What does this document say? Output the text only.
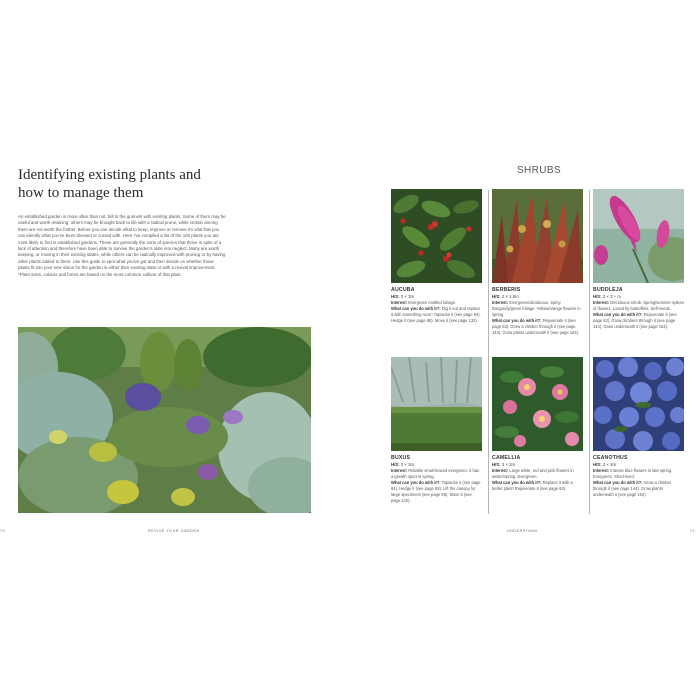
Identifying existing plants and
how to manage them

An established garden is more often than not, full to the gunnels with existing plants. Some of them may be useful and worth retaining; others may be brought back to life with a radical prune, while certain among them are not worth the bother. Before you can decide what to keep, improve or remove it's vital that you can identify what you've been blessed or cursed with. Here I've compiled a list of the 100 plants you are most likely to find in established gardens. These are generally the sorts of species that thrive in spite of a lack of attention and therefore have been able to survive the garden's slide into neglect. Many are worth keeping, or moving in their existing states, while others can be radically improved with pruning or by having other plants added to them. Use this guide to spot what you've got and then decide on whether those plants fit into your new vision for the garden in either their existing state or with a revival improvement.

*Plant sizes, colours and forms are based on the most common cultivar of that plant.

SHRUBS
AUCUBA
H/S: 3 × 3m
Interest: Evergreen mottled foliage.
What can you do with it?: Dig it out and replace it with something nicer! Topiarise it (see page 84). Hedge it (see page 88). Move it (see page 132).
BERBERIS
H/S: 2 × 1.5m
Interest: Evergreen/deciduous. Spiny. Burgundy/green foliage. Yellow/orange flowers in spring.
What can you do with it?: Rejuvenate it (see page 63). Grow a climber through it (see page 144). Grow plants underneath it (see page 164).
BUDDLEJA
H/S: 3 × 3 + m
Interest: Deciduous shrub. Spring/summer spikes of flowers. Loved by butterflies. Self-seeds.
What can you do with it?: Rejuvenate it (see page 63). Grow climbers through it (see page 144). Grow underneath it (see page 164).
BUXUS
H/S: 3 × 3m
Interest: Reliable small-leaved evergreen. It has a growth spurt in spring.
What can you do with it?: Topiarise it (see page 84). Hedge it (see page 88). Lift the canopy for large specimens (see page 65). Move it (see page 132).
CAMELLIA
H/S: 3 × 2m
Interest: Large white, red and pink flowers in winter/spring. Evergreen.
What can you do with it?: Replace it with a better plant! Rejuvenate it (see page 63).
CEANOTHUS
H/S: 3 × 3m
Interest: Intense blue flowers in late spring. Evergreen. Short-lived.
What can you do with it?: Grow a climber through it (see page 144). Grow plants underneath it (see page 164).
70	REVIVE YOUR GARDEN	UNDERSTAND	71
